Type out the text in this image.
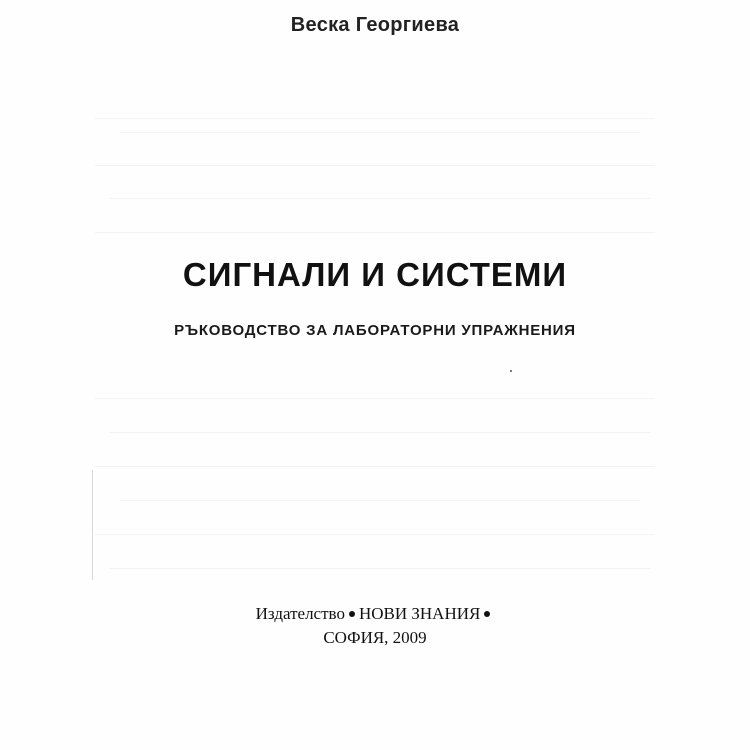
Веска Георгиева
СИГНАЛИ И СИСТЕМИ
РЪКОВОДСТВО ЗА ЛАБОРАТОРНИ УПРАЖНЕНИЯ
Издателство НОВИ ЗНАНИЯ
СОФИЯ, 2009
